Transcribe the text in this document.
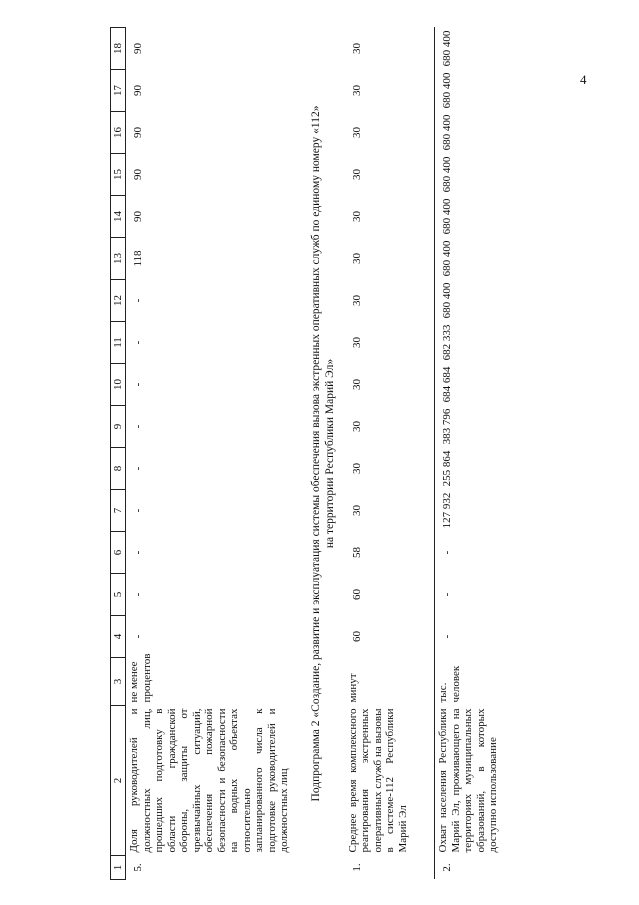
4
1	2	3	4	5	6	7	8	9	10	11	12	13	14	15	16	17	18
5.	Доля руководителей и должностных лиц, прошедших подготовку в области гражданской обороны, защиты от чрезвычайных ситуаций, обеспечения пожарной безопасности и безопасности на водных объектах относительно запланированного числа к подготовке руководителей и должностных лиц	не менее процентов	-	-	-	-	-	-	-	-	-	118	90	90	90	90	90

Подпрограмма 2 «Создание, развитие и эксплуатация системы обеспечения вызова экстренных оперативных служб по единому номеру «112» на территории Республики Марий Эл»																	

1.	Среднее время комплексного реагирования экстренных оперативных служб на вызовы в системе-112 Республики Марий Эл	минут	60	60	58	30	30	30	30	30	30	30	30	30	30	30	30
2.	Охват населения Республики Марий Эл, проживающего на территориях муниципальных образований, в которых доступно использование	тыс. человек	-	-	-	127 932	255 864	383 796	684 684	682 333	680 400	680 400	680 400	680 400	680 400	680 400	680 400
